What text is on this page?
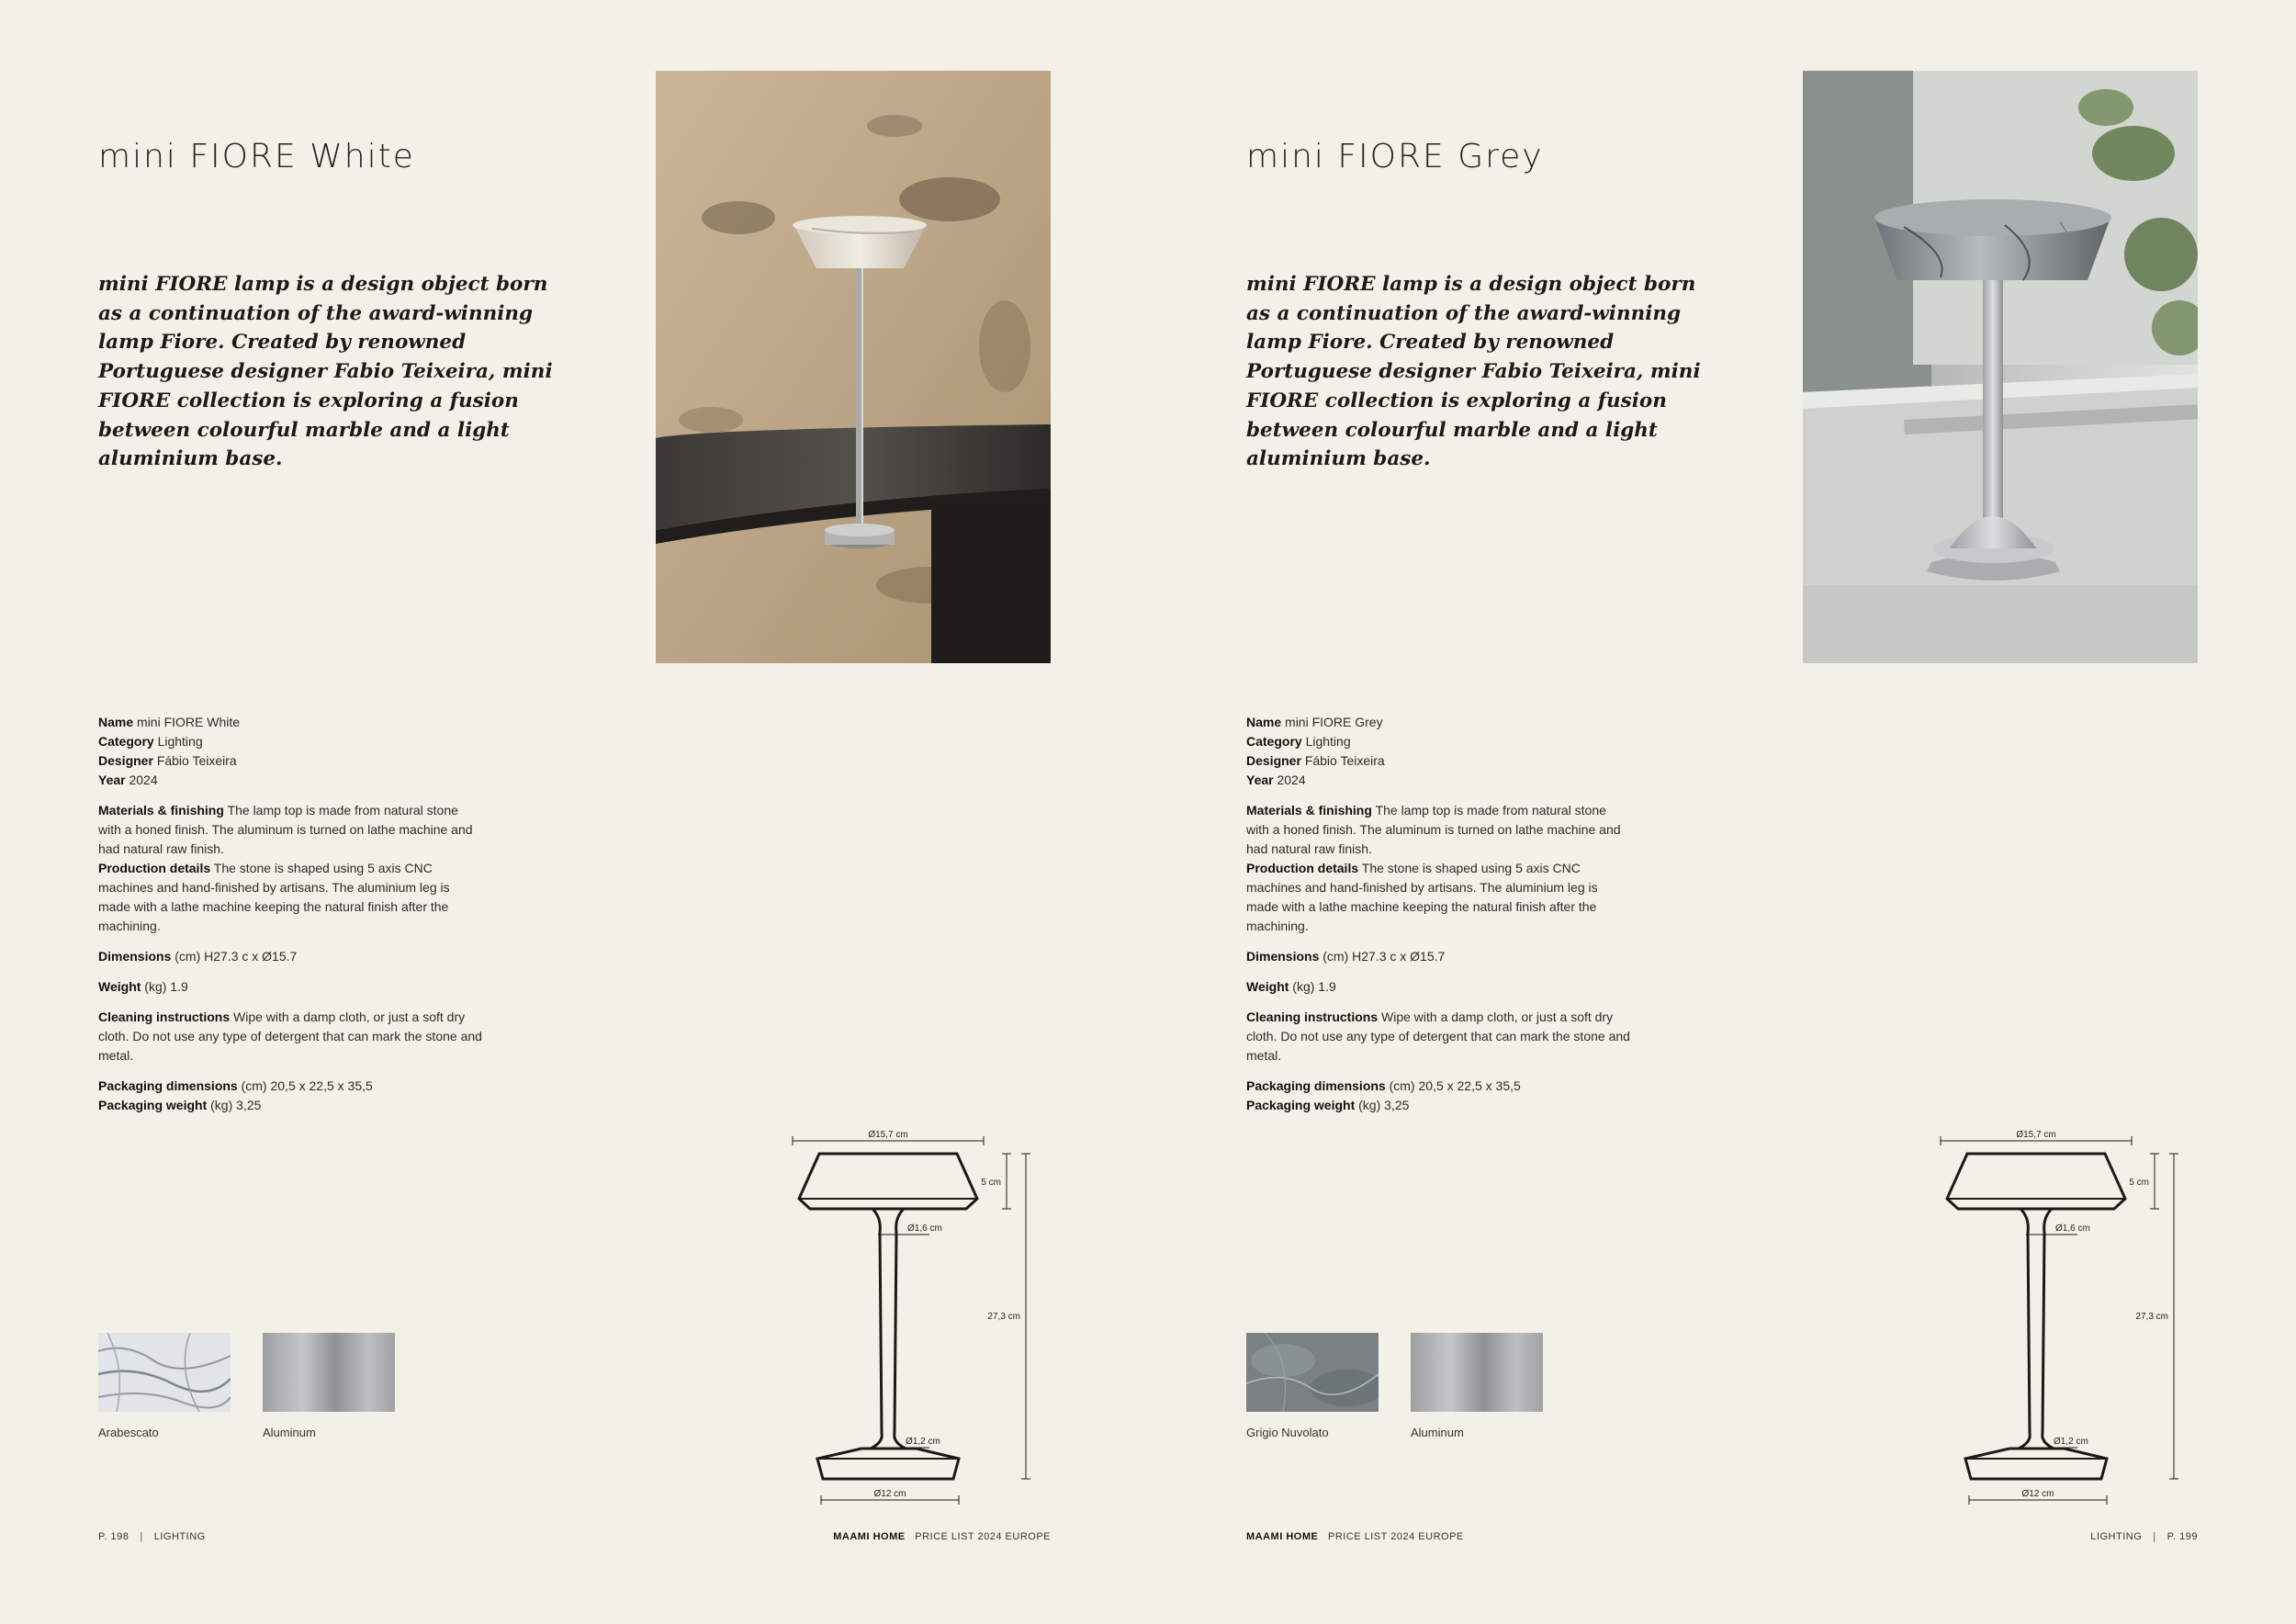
mini FIORE White

mini FIORE lamp is a design object born as a continuation of the award-winning lamp Fiore. Created by renowned Portuguese designer Fabio Teixeira, mini FIORE collection is exploring a fusion between colourful marble and a light aluminium base.

Name mini FIORE White

Category Lighting

Designer Fábio Teixeira

Year 2024

Materials & finishing The lamp top is made from natural stone with a honed finish. The aluminum is turned on lathe machine and had natural raw finish.

Production details The stone is shaped using 5 axis CNC machines and hand-finished by artisans. The aluminium leg is made with a lathe machine keeping the natural finish after the machining.

Dimensions (cm) H27.3 c x Ø15.7

Weight (kg) 1.9

Cleaning instructions Wipe with a damp cloth, or just a soft dry cloth. Do not use any type of detergent that can mark the stone and metal.

Packaging dimensions (cm) 20,5 x 22,5 x 35,5

Packaging weight (kg) 3,25

Arabescato	Aluminum
Ø15,7 cm
5 cm
Ø1,6 cm
27,3 cm
Ø1,2 cm
Ø12 cm
P. 198 | LIGHTING	MAAMI HOME PRICE LIST 2024 EUROPE
mini FIORE Grey

mini FIORE lamp is a design object born as a continuation of the award-winning lamp Fiore. Created by renowned Portuguese designer Fabio Teixeira, mini FIORE collection is exploring a fusion between colourful marble and a light aluminium base.

Name mini FIORE Grey

Category Lighting

Designer Fábio Teixeira

Year 2024

Materials & finishing The lamp top is made from natural stone with a honed finish. The aluminum is turned on lathe machine and had natural raw finish.

Production details The stone is shaped using 5 axis CNC machines and hand-finished by artisans. The aluminium leg is made with a lathe machine keeping the natural finish after the machining.

Dimensions (cm) H27.3 c x Ø15.7

Weight (kg) 1.9

Cleaning instructions Wipe with a damp cloth, or just a soft dry cloth. Do not use any type of detergent that can mark the stone and metal.

Packaging dimensions (cm) 20,5 x 22,5 x 35,5

Packaging weight (kg) 3,25

Grigio Nuvolato	Aluminum
Ø15,7 cm
5 cm
Ø1,6 cm
27,3 cm
Ø1,2 cm
Ø12 cm
MAAMI HOME PRICE LIST 2024 EUROPE	LIGHTING | P. 199
